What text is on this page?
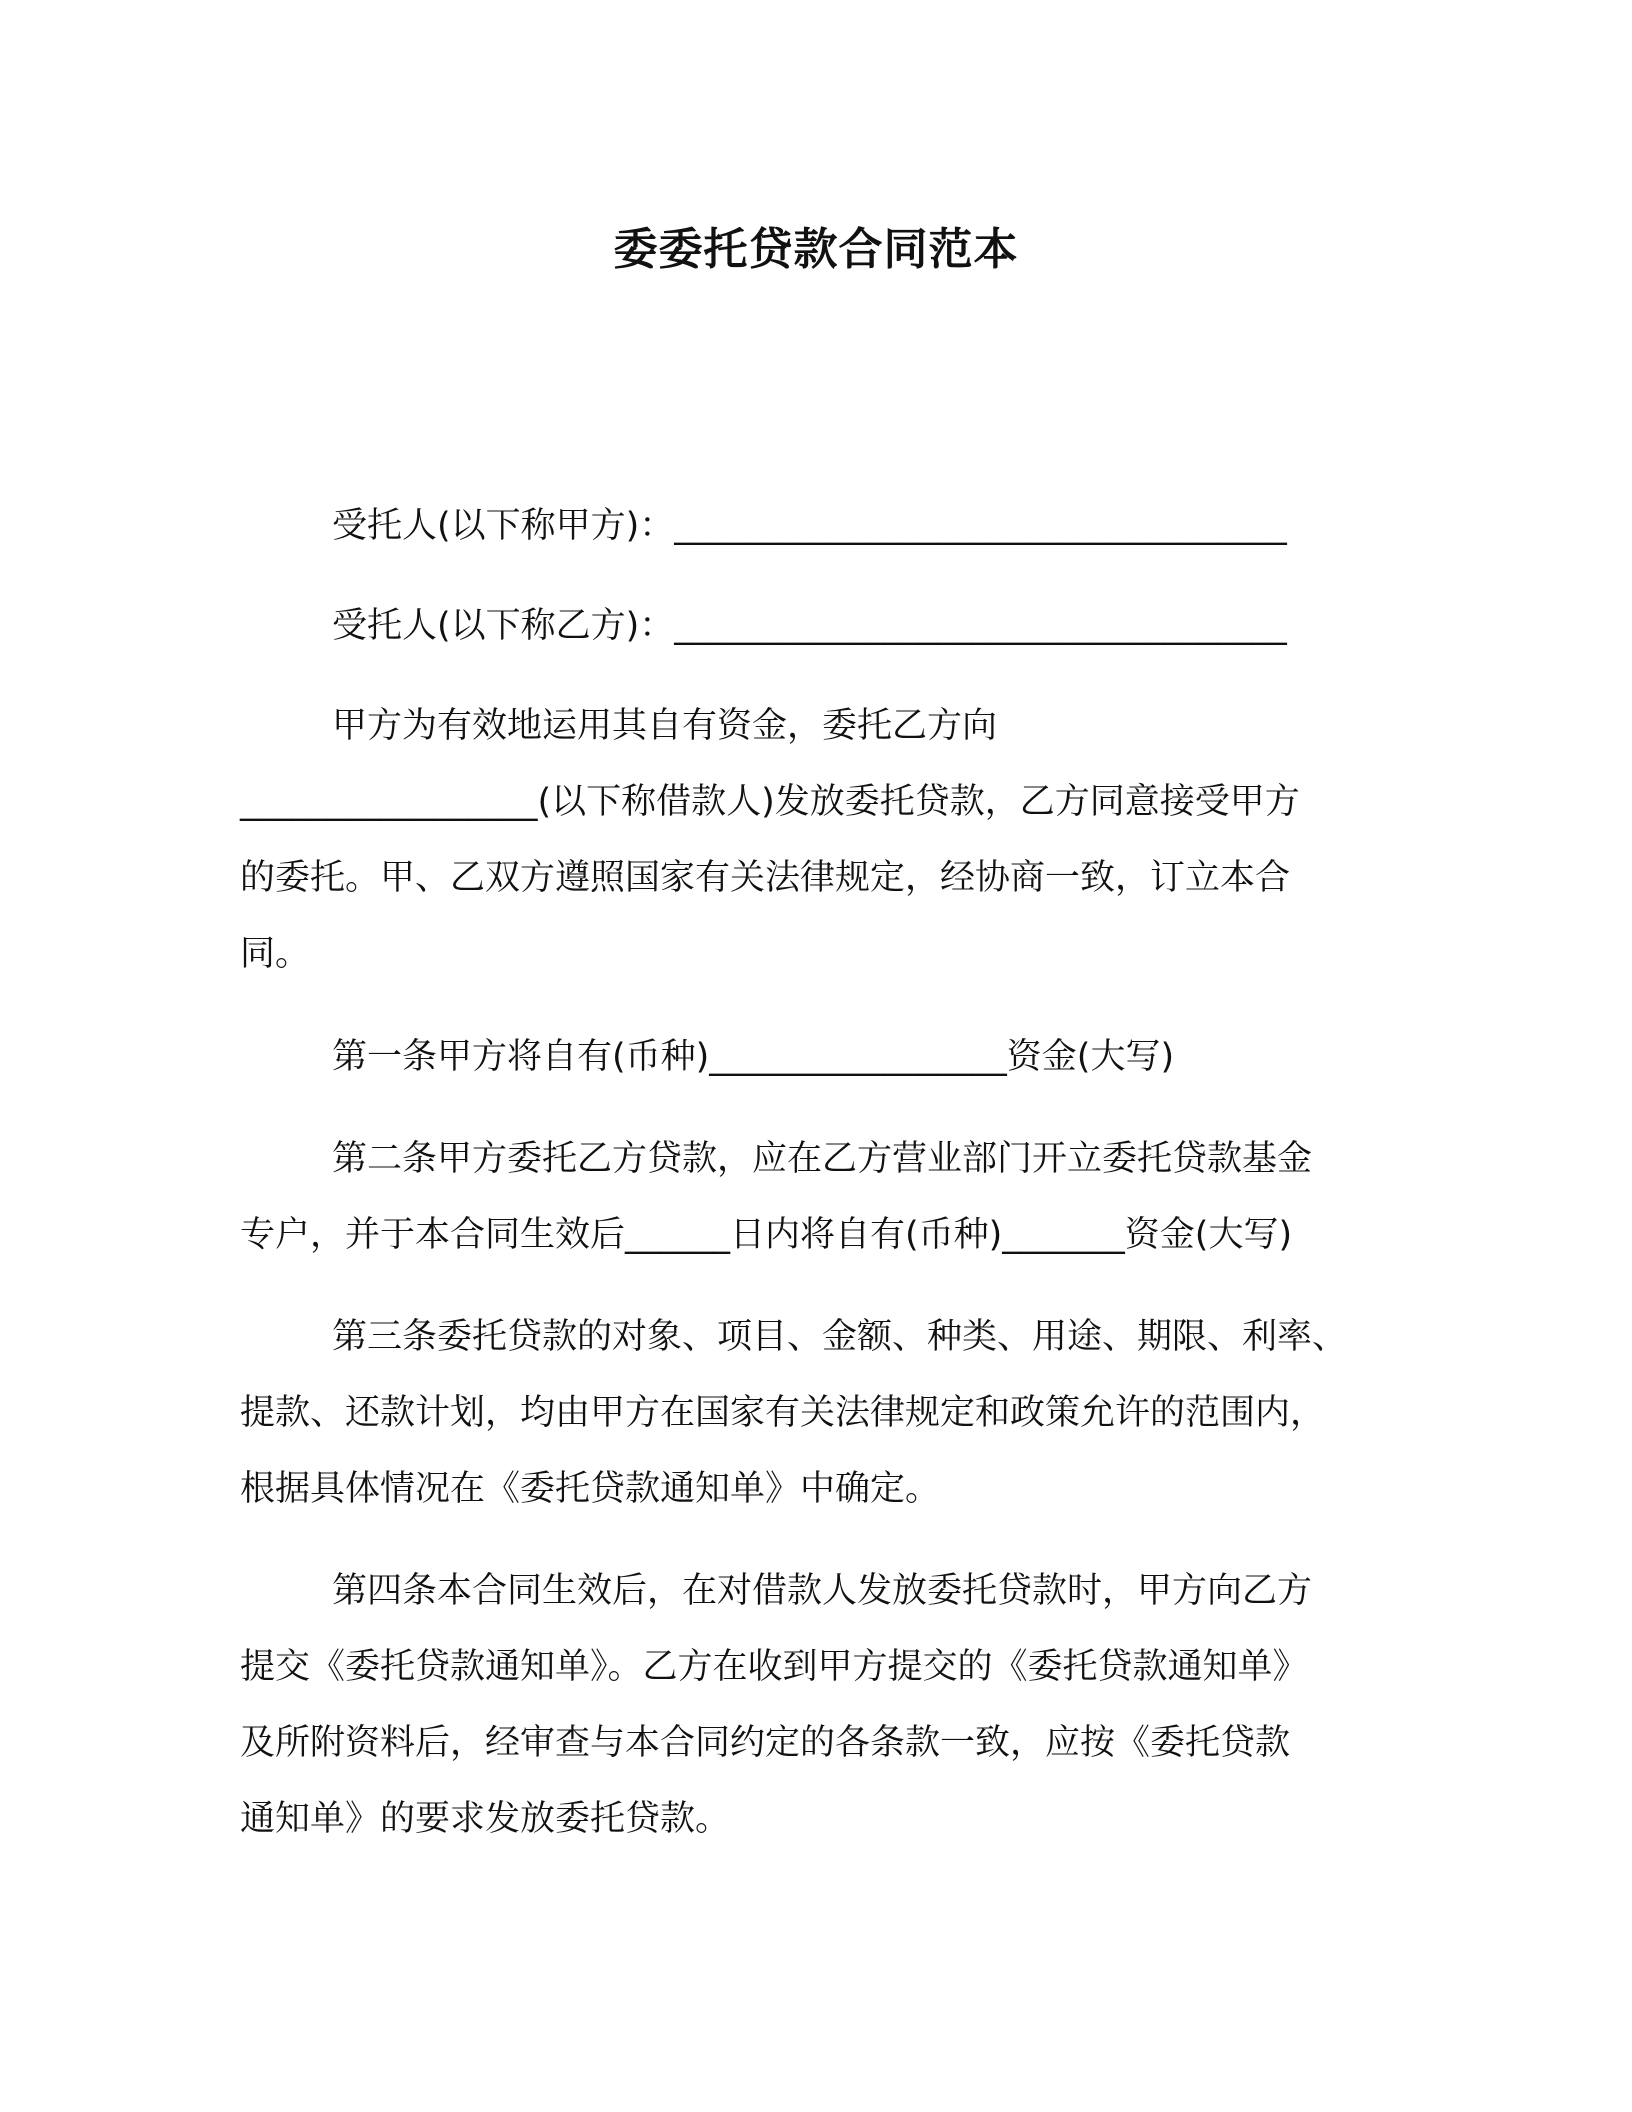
委委托贷款合同范本
受托人(以下称甲方)：___________________________________
受托人(以下称乙方)：___________________________________
甲方为有效地运用其自有资金，委托乙方向
_________________(以下称借款人)发放委托贷款，乙方同意接受甲方
的委托。甲、乙双方遵照国家有关法律规定，经协商一致，订立本合
同。
第一条甲方将自有(币种)_________________资金(大写)
第二条甲方委托乙方贷款，应在乙方营业部门开立委托贷款基金
专户，并于本合同生效后______日内将自有(币种)_______资金(大写)
第三条委托贷款的对象、项目、金额、种类、用途、期限、利率、
提款、还款计划，均由甲方在国家有关法律规定和政策允许的范围内，
根据具体情况在《委托贷款通知单》中确定。
第四条本合同生效后，在对借款人发放委托贷款时，甲方向乙方
提交《委托贷款通知单》。乙方在收到甲方提交的《委托贷款通知单》
及所附资料后，经审查与本合同约定的各条款一致，应按《委托贷款
通知单》的要求发放委托贷款。
